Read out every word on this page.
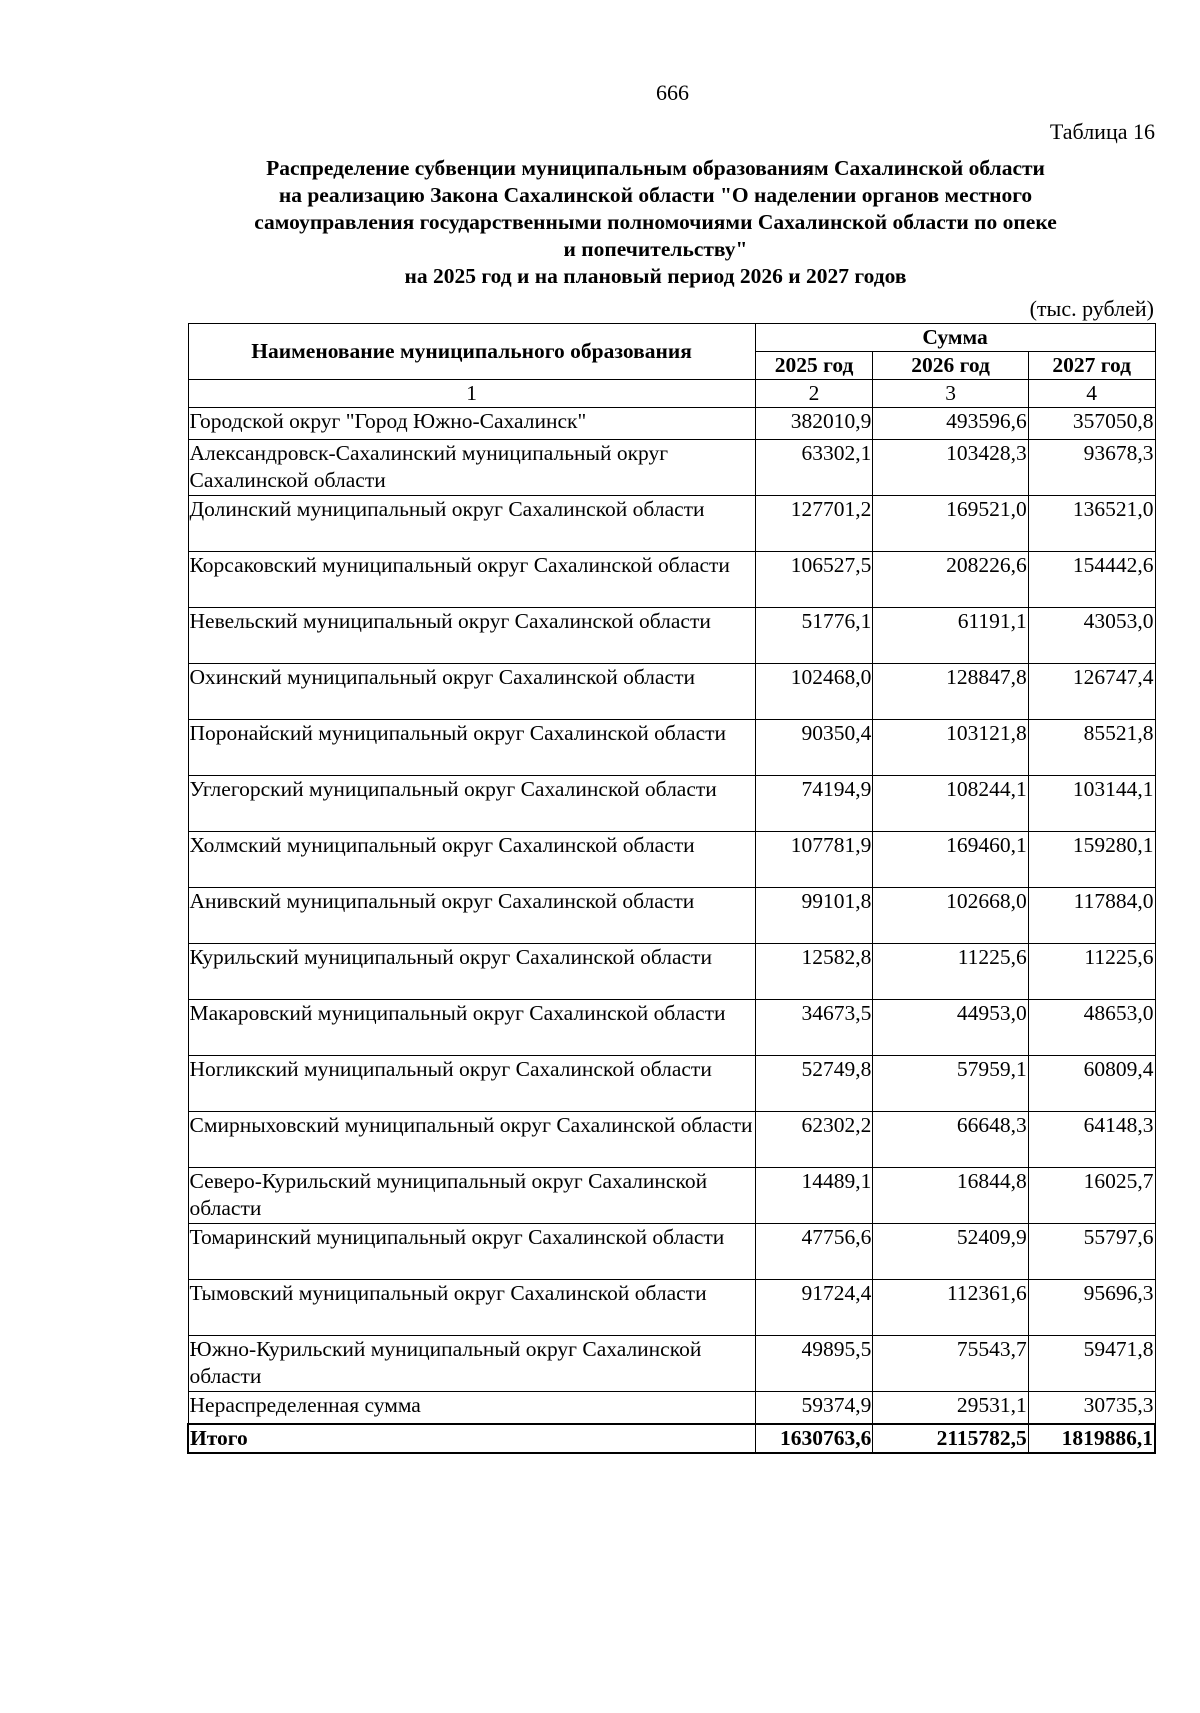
666
Таблица 16
Распределение субвенции муниципальным образованиям Сахалинской области
на реализацию Закона Сахалинской области "О наделении органов местного
самоуправления государственными полномочиями Сахалинской области по опеке
и попечительству"
на 2025 год и на плановый период 2026 и 2027 годов
(тыс. рублей)
Наименование муниципального образования	Сумма		
	2025 год	2026 год	2027 год
1	2	3	4
Городской округ "Город Южно-Сахалинск"	382010,9	493596,6	357050,8
Александровск-Сахалинский муниципальный округ Сахалинской области	63302,1	103428,3	93678,3
Долинский муниципальный округ Сахалинской области	127701,2	169521,0	136521,0
Корсаковский муниципальный округ Сахалинской области	106527,5	208226,6	154442,6
Невельский муниципальный округ Сахалинской области	51776,1	61191,1	43053,0
Охинский муниципальный округ Сахалинской области	102468,0	128847,8	126747,4
Поронайский муниципальный округ Сахалинской области	90350,4	103121,8	85521,8
Углегорский муниципальный округ Сахалинской области	74194,9	108244,1	103144,1
Холмский муниципальный округ Сахалинской области	107781,9	169460,1	159280,1
Анивский муниципальный округ Сахалинской области	99101,8	102668,0	117884,0
Курильский муниципальный округ Сахалинской области	12582,8	11225,6	11225,6
Макаровский муниципальный округ Сахалинской области	34673,5	44953,0	48653,0
Ногликский муниципальный округ Сахалинской области	52749,8	57959,1	60809,4
Смирныховский муниципальный округ Сахалинской области	62302,2	66648,3	64148,3
Северо-Курильский муниципальный округ Сахалинской области	14489,1	16844,8	16025,7
Томаринский муниципальный округ Сахалинской области	47756,6	52409,9	55797,6
Тымовский муниципальный округ Сахалинской области	91724,4	112361,6	95696,3
Южно-Курильский муниципальный округ Сахалинской области	49895,5	75543,7	59471,8
Нераспределенная сумма	59374,9	29531,1	30735,3
Итого	1630763,6	2115782,5	1819886,1
